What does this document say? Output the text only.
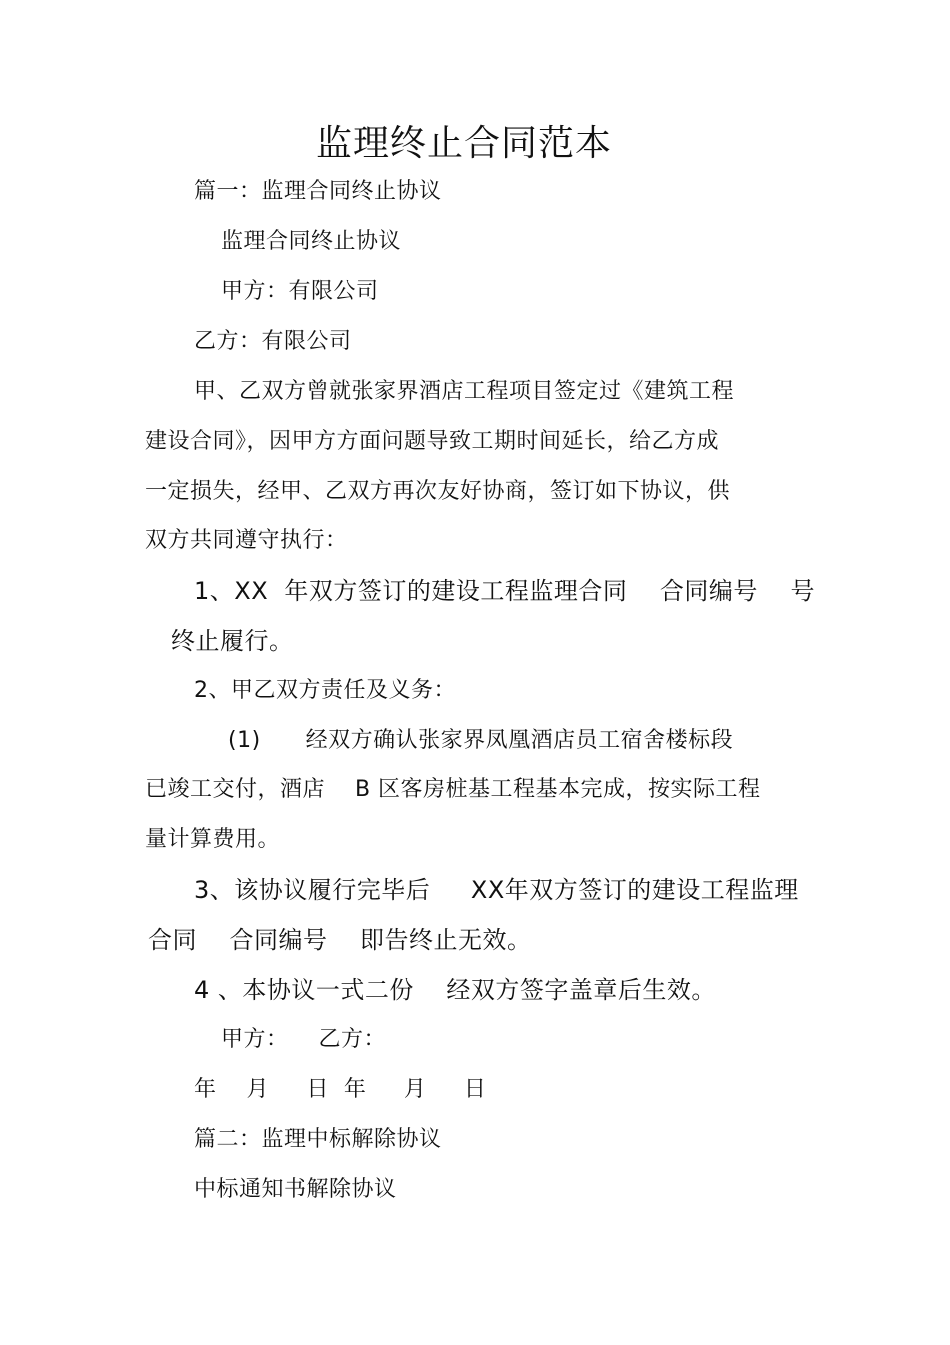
监理终止合同范本
篇一：监理合同终止协议
监理合同终止协议
甲方：有限公司
乙方：有限公司
甲、乙双方曾就张家界酒店工程项目签定过《建筑工程
建设合同》，因甲方方面问题导致工期时间延长，给乙方成
一定损失，经甲、乙双方再次友好协商，签订如下协议，供
双方共同遵守执行：
1、XX  年双方签订的建设工程监理合同    合同编号    号
终止履行。
2、甲乙双方责任及义务：
(1)      经双方确认张家界凤凰酒店员工宿舍楼标段
已竣工交付，酒店    B 区客房桩基工程基本完成，按实际工程
量计算费用。
3、该协议履行完毕后     XX年双方签订的建设工程监理
合同    合同编号    即告终止无效。
4 、本协议一式二份    经双方签字盖章后生效。
甲方：    乙方：
年    月     日  年     月     日
篇二：监理中标解除协议
中标通知书解除协议
